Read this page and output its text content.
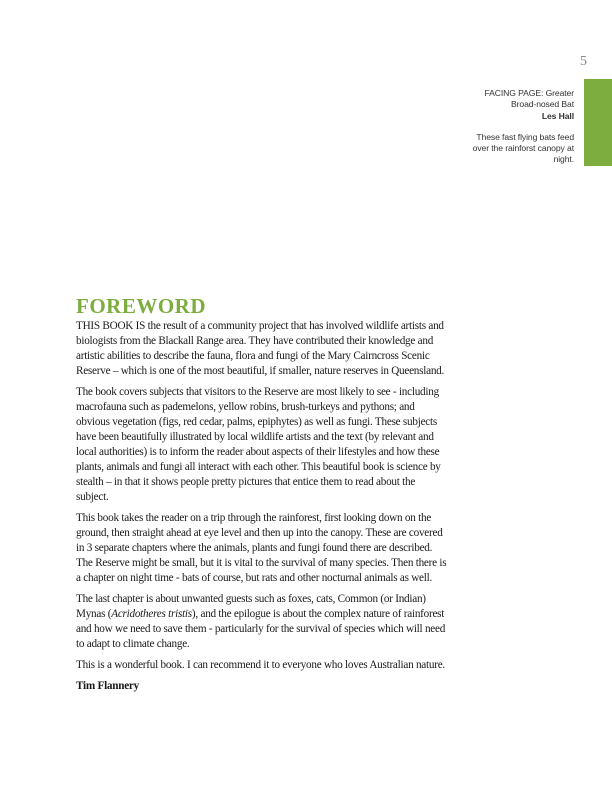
5
FACING PAGE: Greater Broad-nosed Bat
Les Hall
These fast flying bats feed over the rainforst canopy at night.
FOREWORD

THIS BOOK IS the result of a community project that has involved wildlife artists and biologists from the Blackall Range area. They have contributed their knowledge and artistic abilities to describe the fauna, flora and fungi of the Mary Cairncross Scenic Reserve – which is one of the most beautiful, if smaller, nature reserves in Queensland.

The book covers subjects that visitors to the Reserve are most likely to see - including macrofauna such as pademelons, yellow robins, brush-turkeys and pythons; and obvious vegetation (figs, red cedar, palms, epiphytes) as well as fungi. These subjects have been beautifully illustrated by local wildlife artists and the text (by relevant and local authorities) is to inform the reader about aspects of their lifestyles and how these plants, animals and fungi all interact with each other. This beautiful book is science by stealth – in that it shows people pretty pictures that entice them to read about the subject.

This book takes the reader on a trip through the rainforest, first looking down on the ground, then straight ahead at eye level and then up into the canopy. These are covered in 3 separate chapters where the animals, plants and fungi found there are described. The Reserve might be small, but it is vital to the survival of many species. Then there is a chapter on night time - bats of course, but rats and other nocturnal animals as well.

The last chapter is about unwanted guests such as foxes, cats, Common (or Indian) Mynas (Acridotheres tristis), and the epilogue is about the complex nature of rainforest and how we need to save them - particularly for the survival of species which will need to adapt to climate change.

This is a wonderful book. I can recommend it to everyone who loves Australian nature.

Tim Flannery
